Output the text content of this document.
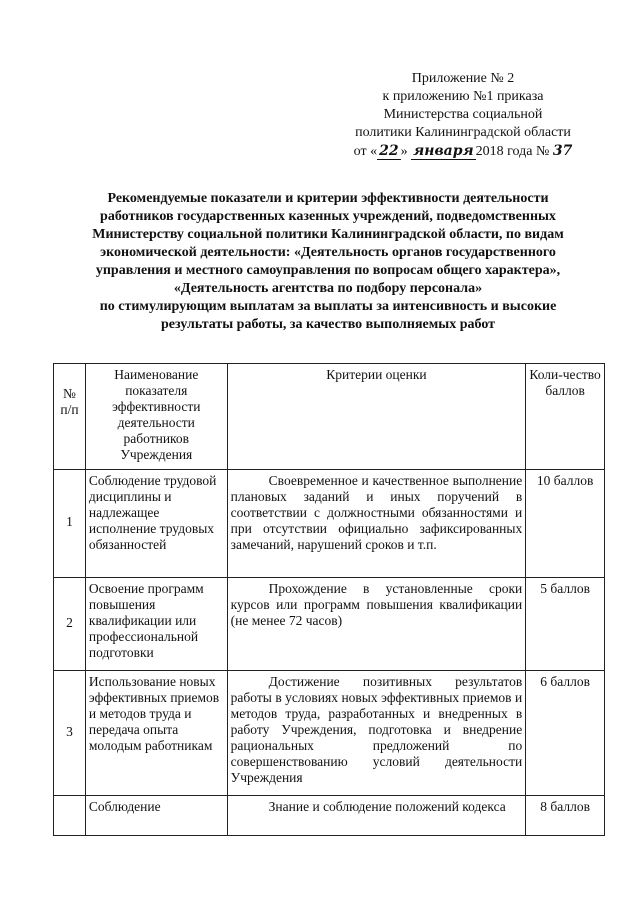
Приложение № 2
к приложению №1 приказа
Министерства социальной
политики Калининградской области
от « 22 » января 2018 года № 37
Рекомендуемые показатели и критерии эффективности деятельности
работников государственных казенных учреждений, подведомственных
Министерству социальной политики Калининградской области, по видам
экономической деятельности: «Деятельность органов государственного
управления и местного самоуправления по вопросам общего характера»,
«Деятельность агентства по подбору персонала»
по стимулирующим выплатам за выплаты за интенсивность и высокие
результаты работы, за качество выполняемых работ
№ п/п	Наименование показателя эффективности деятельности работников Учреждения	Критерии оценки	Коли-чество баллов
1	Соблюдение трудовой дисциплины и надлежащее исполнение трудовых обязанностей	Своевременное и качественное выполнение плановых заданий и иных поручений в соответствии с должностными обязанностями и при отсутствии официально зафиксированных замечаний, нарушений сроков и т.п.	10 баллов
2	Освоение программ повышения квалификации или профессиональной подготовки	Прохождение в установленные сроки курсов или программ повышения квалификации (не менее 72 часов)	5 баллов
3	Использование новых эффективных приемов и методов труда и передача опыта молодым работникам	Достижение позитивных результатов работы в условиях новых эффективных приемов и методов труда, разработанных и внедренных в работу Учреждения, подготовка и внедрение рациональных предложений по совершенствованию условий деятельности Учреждения	6 баллов
	Соблюдение	Знание и соблюдение положений кодекса	8 баллов
